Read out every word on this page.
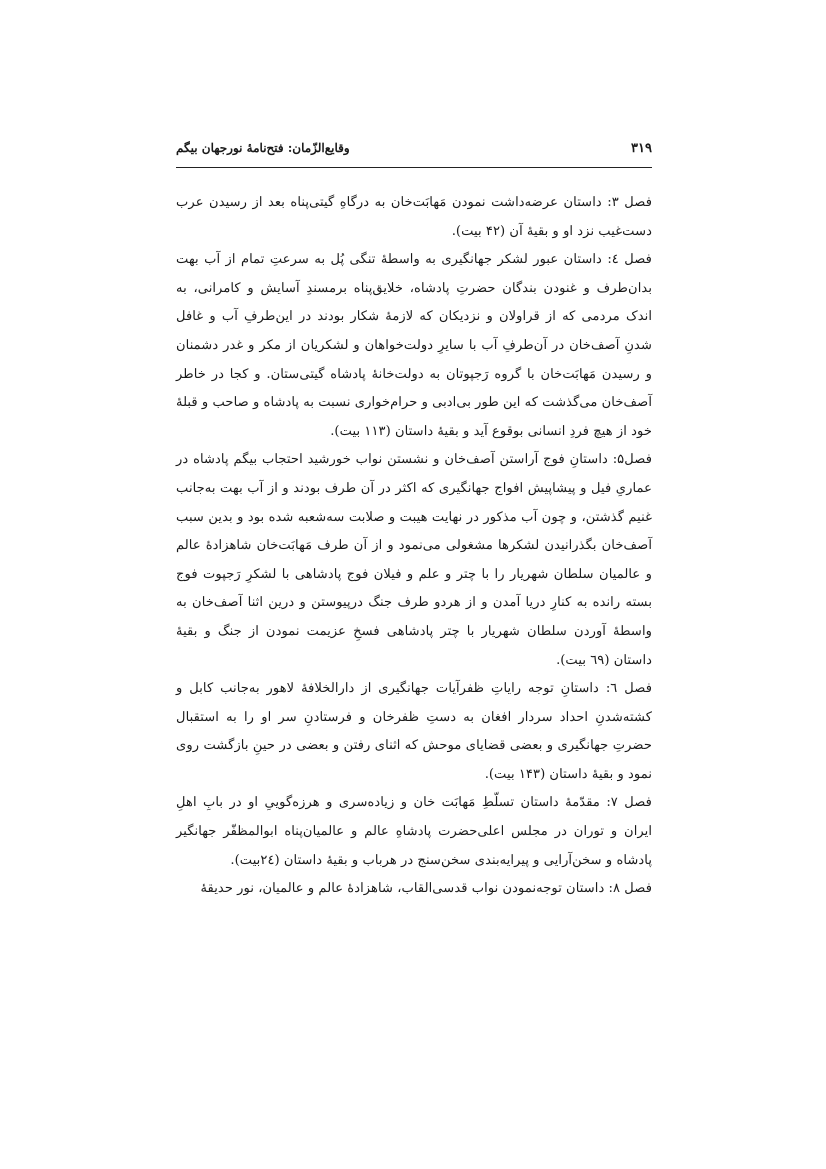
۳۱۹
وقایع‌الزّمان: فتح‌نامهٔ نورجهان بیگم

فصل ۳: داستان عرضه‌داشت نمودن مَهابَت‌خان به درگاهِ گیتی‌پناه بعد از رسیدن عرب دست‌غیب نزد او و بقیهٔ آن (۴۲ بیت).

فصل ٤: داستان عبور لشکر جهانگیری به واسطهٔ تنگی پُل به سرعتِ تمام از آب بهت بدان‌طرف و غنودن بندگان حضرتِ پادشاه، خلایق‌پناه برمسندِ آسایش و کامرانی، به اندک مردمی که از قراولان و نزدیکان که لازمهٔ شکار بودند در این‌طرفِ آب و غافل شدنِ آصف‌خان در آن‌طرفِ آب با سایرِ دولت‌خواهان و لشکریان از مکر و غدر دشمنان و رسیدن مَهابَت‌خان با گروه رَجپوتان به دولت‌خانهٔ پادشاه گیتی‌ستان. و کجا در خاطر آصف‌خان می‌گذشت که این طور بی‌ادبی و حرام‌خواری نسبت به پادشاه و صاحب و قبلهٔ خود از هیچ فردِ انسانی بوقوع آید و بقیهٔ داستان (۱۱۳ بیت).

فصل۵: داستانِ فوج آراستن آصف‌خان و نشستن نواب خورشید احتجاب بیگم پادشاه در عماریِ فیل و پیشاپیش افواج جهانگیری که اکثر در آن طرف بودند و از آب بهت به‌جانب غنیم گذشتن، و چون آب مذکور در نهایت هیبت و صلابت سه‌شعبه شده بود و بدین سبب آصف‌خان بگذرانیدن لشکرها مشغولی می‌نمود و از آن طرف مَهابَت‌خان شاهزادهٔ عالم و عالمیان سلطان شهریار را با چتر و علم و فیلان فوج پادشاهی با لشکرِ رَجپوت فوج بسته رانده به کنارِ دریا آمدن و از هردو طرف جنگ درپیوستن و درین اثنا آصف‌خان به واسطهٔ آوردن سلطان شهریار با چتر پادشاهی فسخِ عزیمت نمودن از جنگ و بقیهٔ داستان (٦٩ بیت).

فصل ٦: داستانِ توجه رایاتِ ظفرآیات جهانگیری از دارالخلافهٔ لاهور به‌جانب کابل و کشته‌شدنِ احداد سردار افغان به دستِ ظفرخان و فرستادنِ سر او را به استقبال حضرتِ جهانگیری و بعضی قضایای موحش که اثنای رفتن و بعضی در حینِ بازگشت روی نمود و بقیهٔ داستان (۱۴۳ بیت).

فصل ۷: مقدّمهٔ داستان تسلّطِ مَهابَت خان و زیاده‌سری و هرزه‌گوییِ او در بابِ اهلِ ایران و توران در مجلس اعلی‌حضرت پادشاهِ عالم و عالمیان‌پناه ابوالمظفّر جهانگیر پادشاه و سخن‌آرایی و پیرایه‌بندی سخن‌سنج در هرباب و بقیهٔ داستان (۲٤بیت).

فصل ۸: داستان توجه‌نمودن نواب قدسی‌القاب، شاهزادهٔ عالم و عالمیان، نور حدیقهٔ
